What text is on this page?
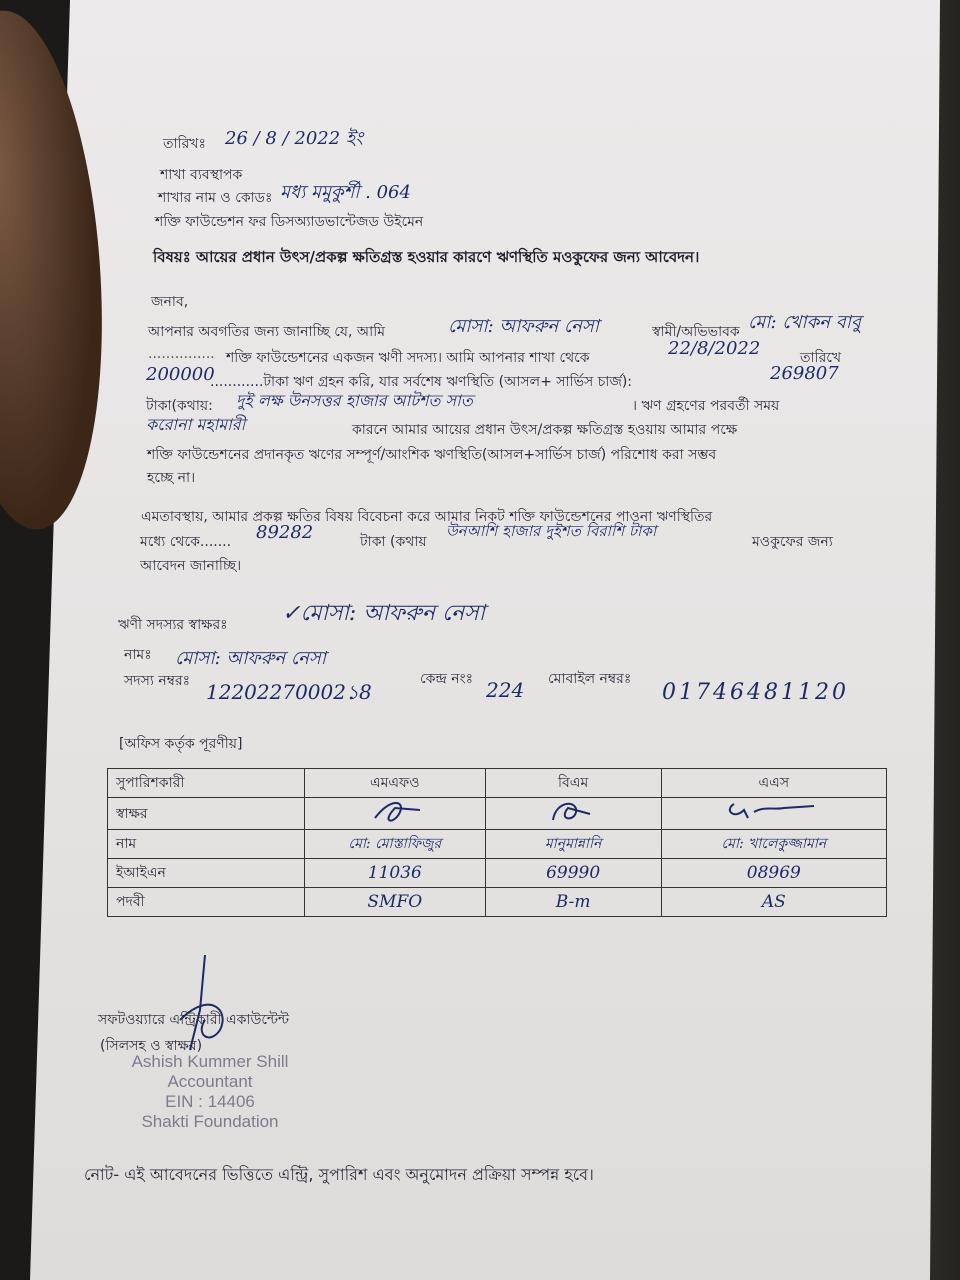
তারিখঃ 26 / 8 / 2022 ইং
শাখা ব্যবস্থাপক
শাখার নাম ও কোডঃ মধ্য মমুকুর্শী . 064
শক্তি ফাউন্ডেশন ফর ডিসঅ্যাডভান্টেজড উইমেন
বিষয়ঃ আয়ের প্রধান উৎস/প্রকল্প ক্ষতিগ্রস্ত হওয়ার কারণে ঋণস্থিতি মওকুফের জন্য আবেদন।
জনাব,
আপনার অবগতির জন্য জানাচ্ছি যে, আমি	মোসা: আফরুন নেসা	স্বামী/অভিভাবক মো: খোকন বাবু
............... শক্তি ফাউন্ডেশনের একজন ঋণী সদস্য। আমি আপনার শাখা থেকে	22/8/2022	তারিখে
200000
............টাকা ঋণ গ্রহন করি, যার সর্বশেষ ঋণস্থিতি (আসল+ সার্ভিস চার্জ):	269807
টাকা(কথায়: দুই লক্ষ উনসত্তর হাজার আটশত সাত	। ঋণ গ্রহণের পরবর্তী সময়
করোনা মহামারী	কারনে আমার আয়ের প্রধান উৎস/প্রকল্প ক্ষতিগ্রস্ত হওয়ায় আমার পক্ষে
শক্তি ফাউন্ডেশনের প্রদানকৃত ঋণের সম্পূর্ণ/আংশিক ঋণস্থিতি(আসল+সার্ভিস চার্জ) পরিশোধ করা সম্ভব
হচ্ছে না।
এমতাবস্থায়, আমার প্রকল্প ক্ষতির বিষয় বিবেচনা করে আমার নিকট শক্তি ফাউন্ডেশনের পাওনা ঋণস্থিতির
মধ্যে থেকে....... 89282	টাকা (কথায়
উনআশি হাজার দুইশত বিরাশি টাকা
মওকুফের জন্য
আবেদন জানাচ্ছি।
ঋণী সদস্যর স্বাক্ষরঃ ✓মোসা: আফরুন নেসা
নামঃ মোসা: আফরুন নেসা
সদস্য নম্বরঃ 12202270002১8
কেন্দ্র নংঃ 224 মোবাইল নম্বরঃ
01746481120
[অফিস কর্তৃক পূরণীয়]
সুপারিশকারী	এমএফও	বিএম	এএস
স্বাক্ষর			
নাম	মো: মোস্তাফিজুর	মানুমান্নানি	মো: খালেকুজ্জামান
ইআইএন	11036	69990	08969
পদবী	SMFO	B-m	AS
সফটওয়্যারে এন্ট্রিকারী একাউন্টেন্ট
(সিলসহ ও স্বাক্ষর)
Ashish Kummer Shill
Accountant
EIN : 14406
Shakti Foundation
নোট- এই আবেদনের ভিত্তিতে এন্ট্রি, সুপারিশ এবং অনুমোদন প্রক্রিয়া সম্পন্ন হবে।
